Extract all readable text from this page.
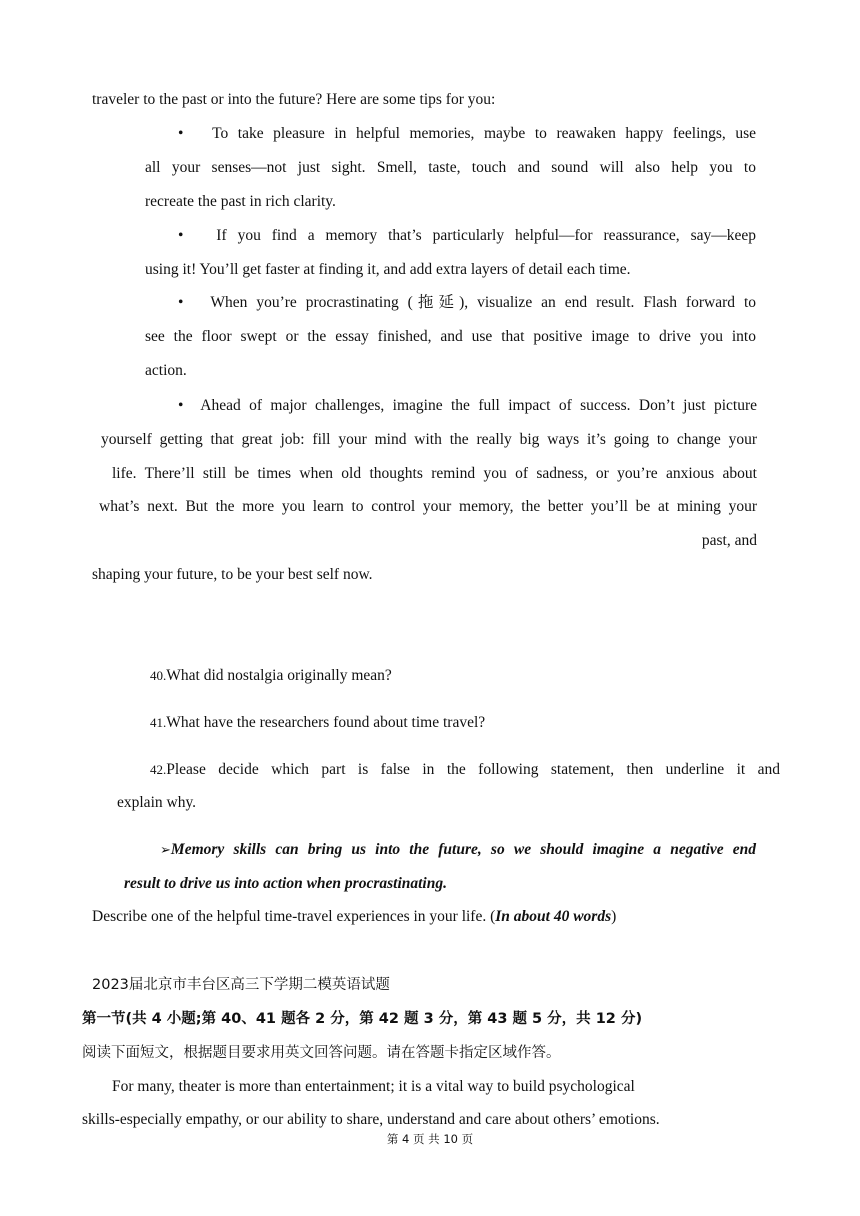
traveler to the past or into the future? Here are some tips for you:
• To take pleasure in helpful memories, maybe to reawaken happy feelings, use
all your senses—not just sight. Smell, taste, touch and sound will also help you to
recreate the past in rich clarity.
• If you find a memory that’s particularly helpful—for reassurance, say—keep
using it! You’ll get faster at finding it, and add extra layers of detail each time.
• When you’re procrastinating (拖延), visualize an end result. Flash forward to
see the floor swept or the essay finished, and use that positive image to drive you into
action.
• Ahead of major challenges, imagine the full impact of success. Don’t just picture
yourself getting that great job: fill your mind with the really big ways it’s going to change your
life. There’ll still be times when old thoughts remind you of sadness, or you’re anxious about
what’s next. But the more you learn to control your memory, the better you’ll be at mining your
past, and
shaping your future, to be your best self now.
40.What did nostalgia originally mean?
41.What have the researchers found about time travel?
42.Please decide which part is false in the following statement, then underline it and
explain why.
➢Memory skills can bring us into the future, so we should imagine a negative end
result to drive us into action when procrastinating.
Describe one of the helpful time-travel experiences in your life. (In about 40 words)
2023届北京市丰台区高三下学期二模英语试题
第一节(共 4 小题;第 40、41 题各 2 分，第 42 题 3 分，第 43 题 5 分，共 12 分)
阅读下面短文，根据题目要求用英文回答问题。请在答题卡指定区域作答。
For many, theater is more than entertainment; it is a vital way to build psychological
skills-especially empathy, or our ability to share, understand and care about others’ emotions.
第 4 页 共 10 页
